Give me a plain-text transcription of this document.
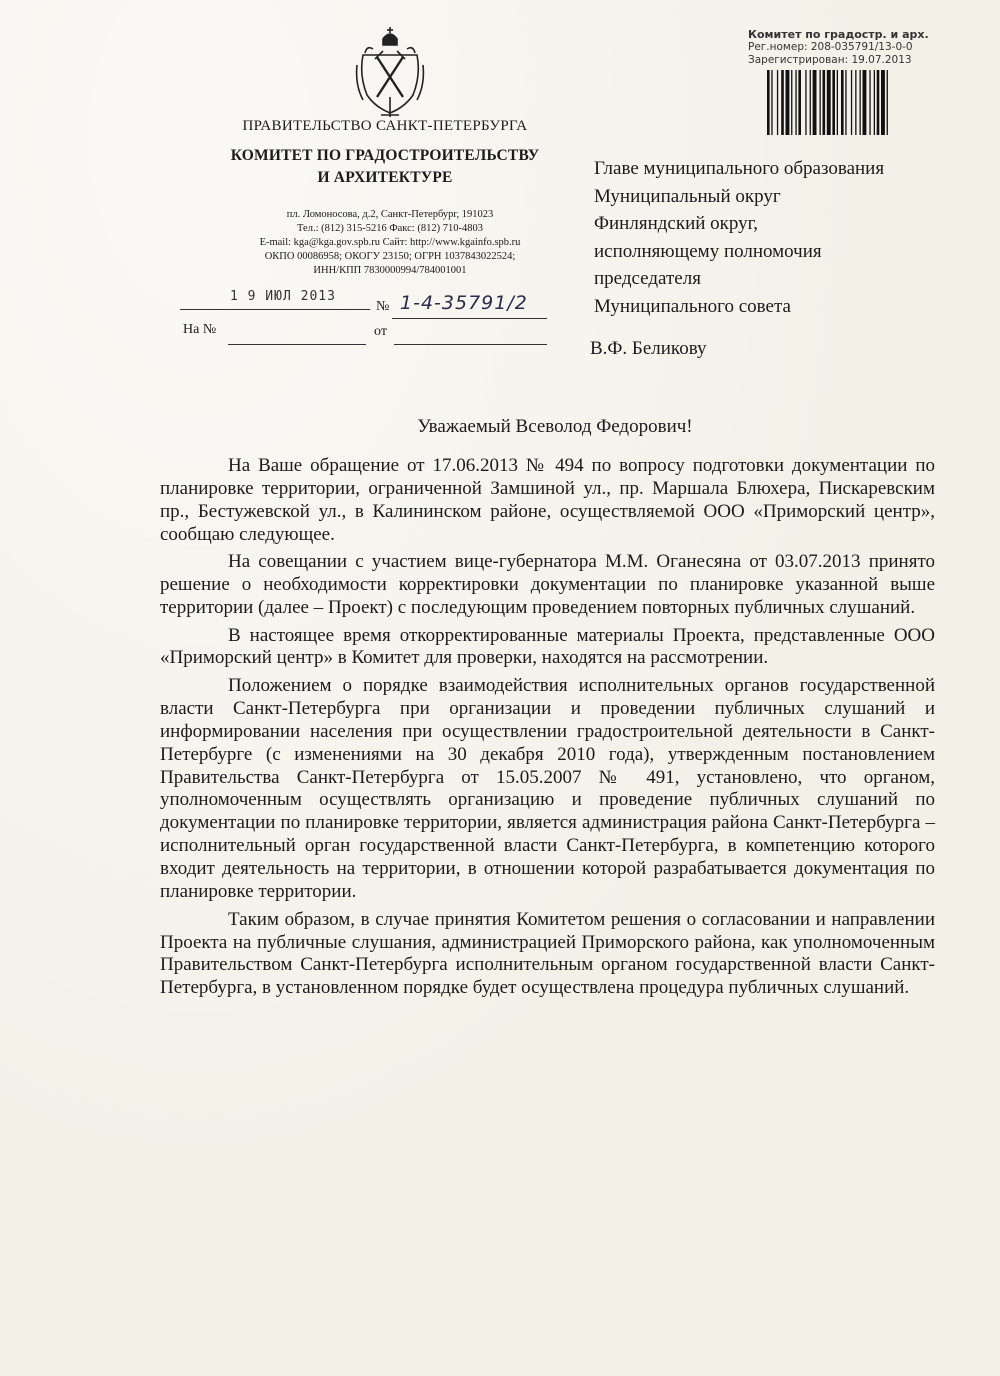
ПРАВИТЕЛЬСТВО САНКТ-ПЕТЕРБУРГА
КОМИТЕТ ПО ГРАДОСТРОИТЕЛЬСТВУ
И АРХИТЕКТУРЕ
пл. Ломоносова, д.2, Санкт-Петербург, 191023
Тел.: (812) 315-5216 Факс: (812) 710-4803
E-mail: kga@kga.gov.spb.ru Сайт: http://www.kgainfo.spb.ru
ОКПО 00086958; ОКОГУ 23150; ОГРН 1037843022524;
ИНН/КПП 7830000994/784001001
1 9 ИЮЛ 2013
№ 1-4-35791/2
На №	от
Комитет по градостр. и арх.
Рег.номер: 208-035791/13-0-0
Зарегистрирован: 19.07.2013
Главе муниципального образования
Муниципальный округ
Финляндский округ,
исполняющему полномочия
председателя
Муниципального совета
В.Ф. Беликову
Уважаемый Всеволод Федорович!

На Ваше обращение от 17.06.2013 № 494 по вопросу подготовки документации по планировке территории, ограниченной Замшиной ул., пр. Маршала Блюхера, Пискаревским пр., Бестужевской ул., в Калининском районе, осуществляемой ООО «Приморский центр», сообщаю следующее.

На совещании с участием вице-губернатора М.М. Оганесяна от 03.07.2013 принято решение о необходимости корректировки документации по планировке указанной выше территории (далее – Проект) с последующим проведением повторных публичных слушаний.

В настоящее время откорректированные материалы Проекта, представленные ООО «Приморский центр» в Комитет для проверки, находятся на рассмотрении.

Положением о порядке взаимодействия исполнительных органов государственной власти Санкт-Петербурга при организации и проведении публичных слушаний и информировании населения при осуществлении градостроительной деятельности в Санкт-Петербурге (с изменениями на 30 декабря 2010 года), утвержденным постановлением Правительства Санкт-Петербурга от 15.05.2007 № 491, установлено, что органом, уполномоченным осуществлять организацию и проведение публичных слушаний по документации по планировке территории, является администрация района Санкт-Петербурга – исполнительный орган государственной власти Санкт-Петербурга, в компетенцию которого входит деятельность на территории, в отношении которой разрабатывается документация по планировке территории.

Таким образом, в случае принятия Комитетом решения о согласовании и направлении Проекта на публичные слушания, администрацией Приморского района, как уполномоченным Правительством Санкт-Петербурга исполнительным органом государственной власти Санкт-Петербурга, в установленном порядке будет осуществлена процедура публичных слушаний.
